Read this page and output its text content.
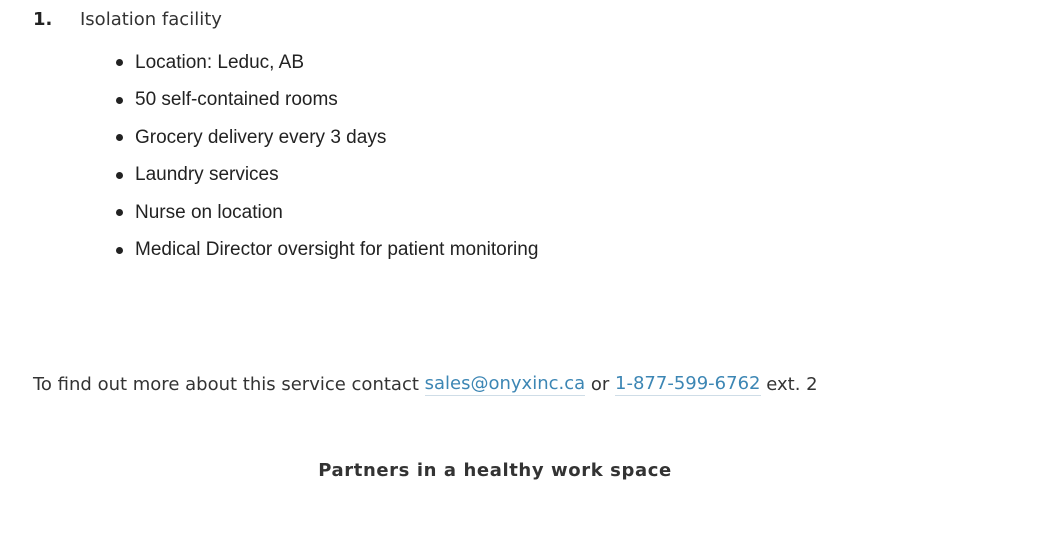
1.	Isolation facility
Location: Leduc, AB
50 self-contained rooms
Grocery delivery every 3 days
Laundry services
Nurse on location
Medical Director oversight for patient monitoring
To find out more about this service contact sales@onyxinc.ca or 1-877-599-6762 ext. 2
Partners in a healthy work space
